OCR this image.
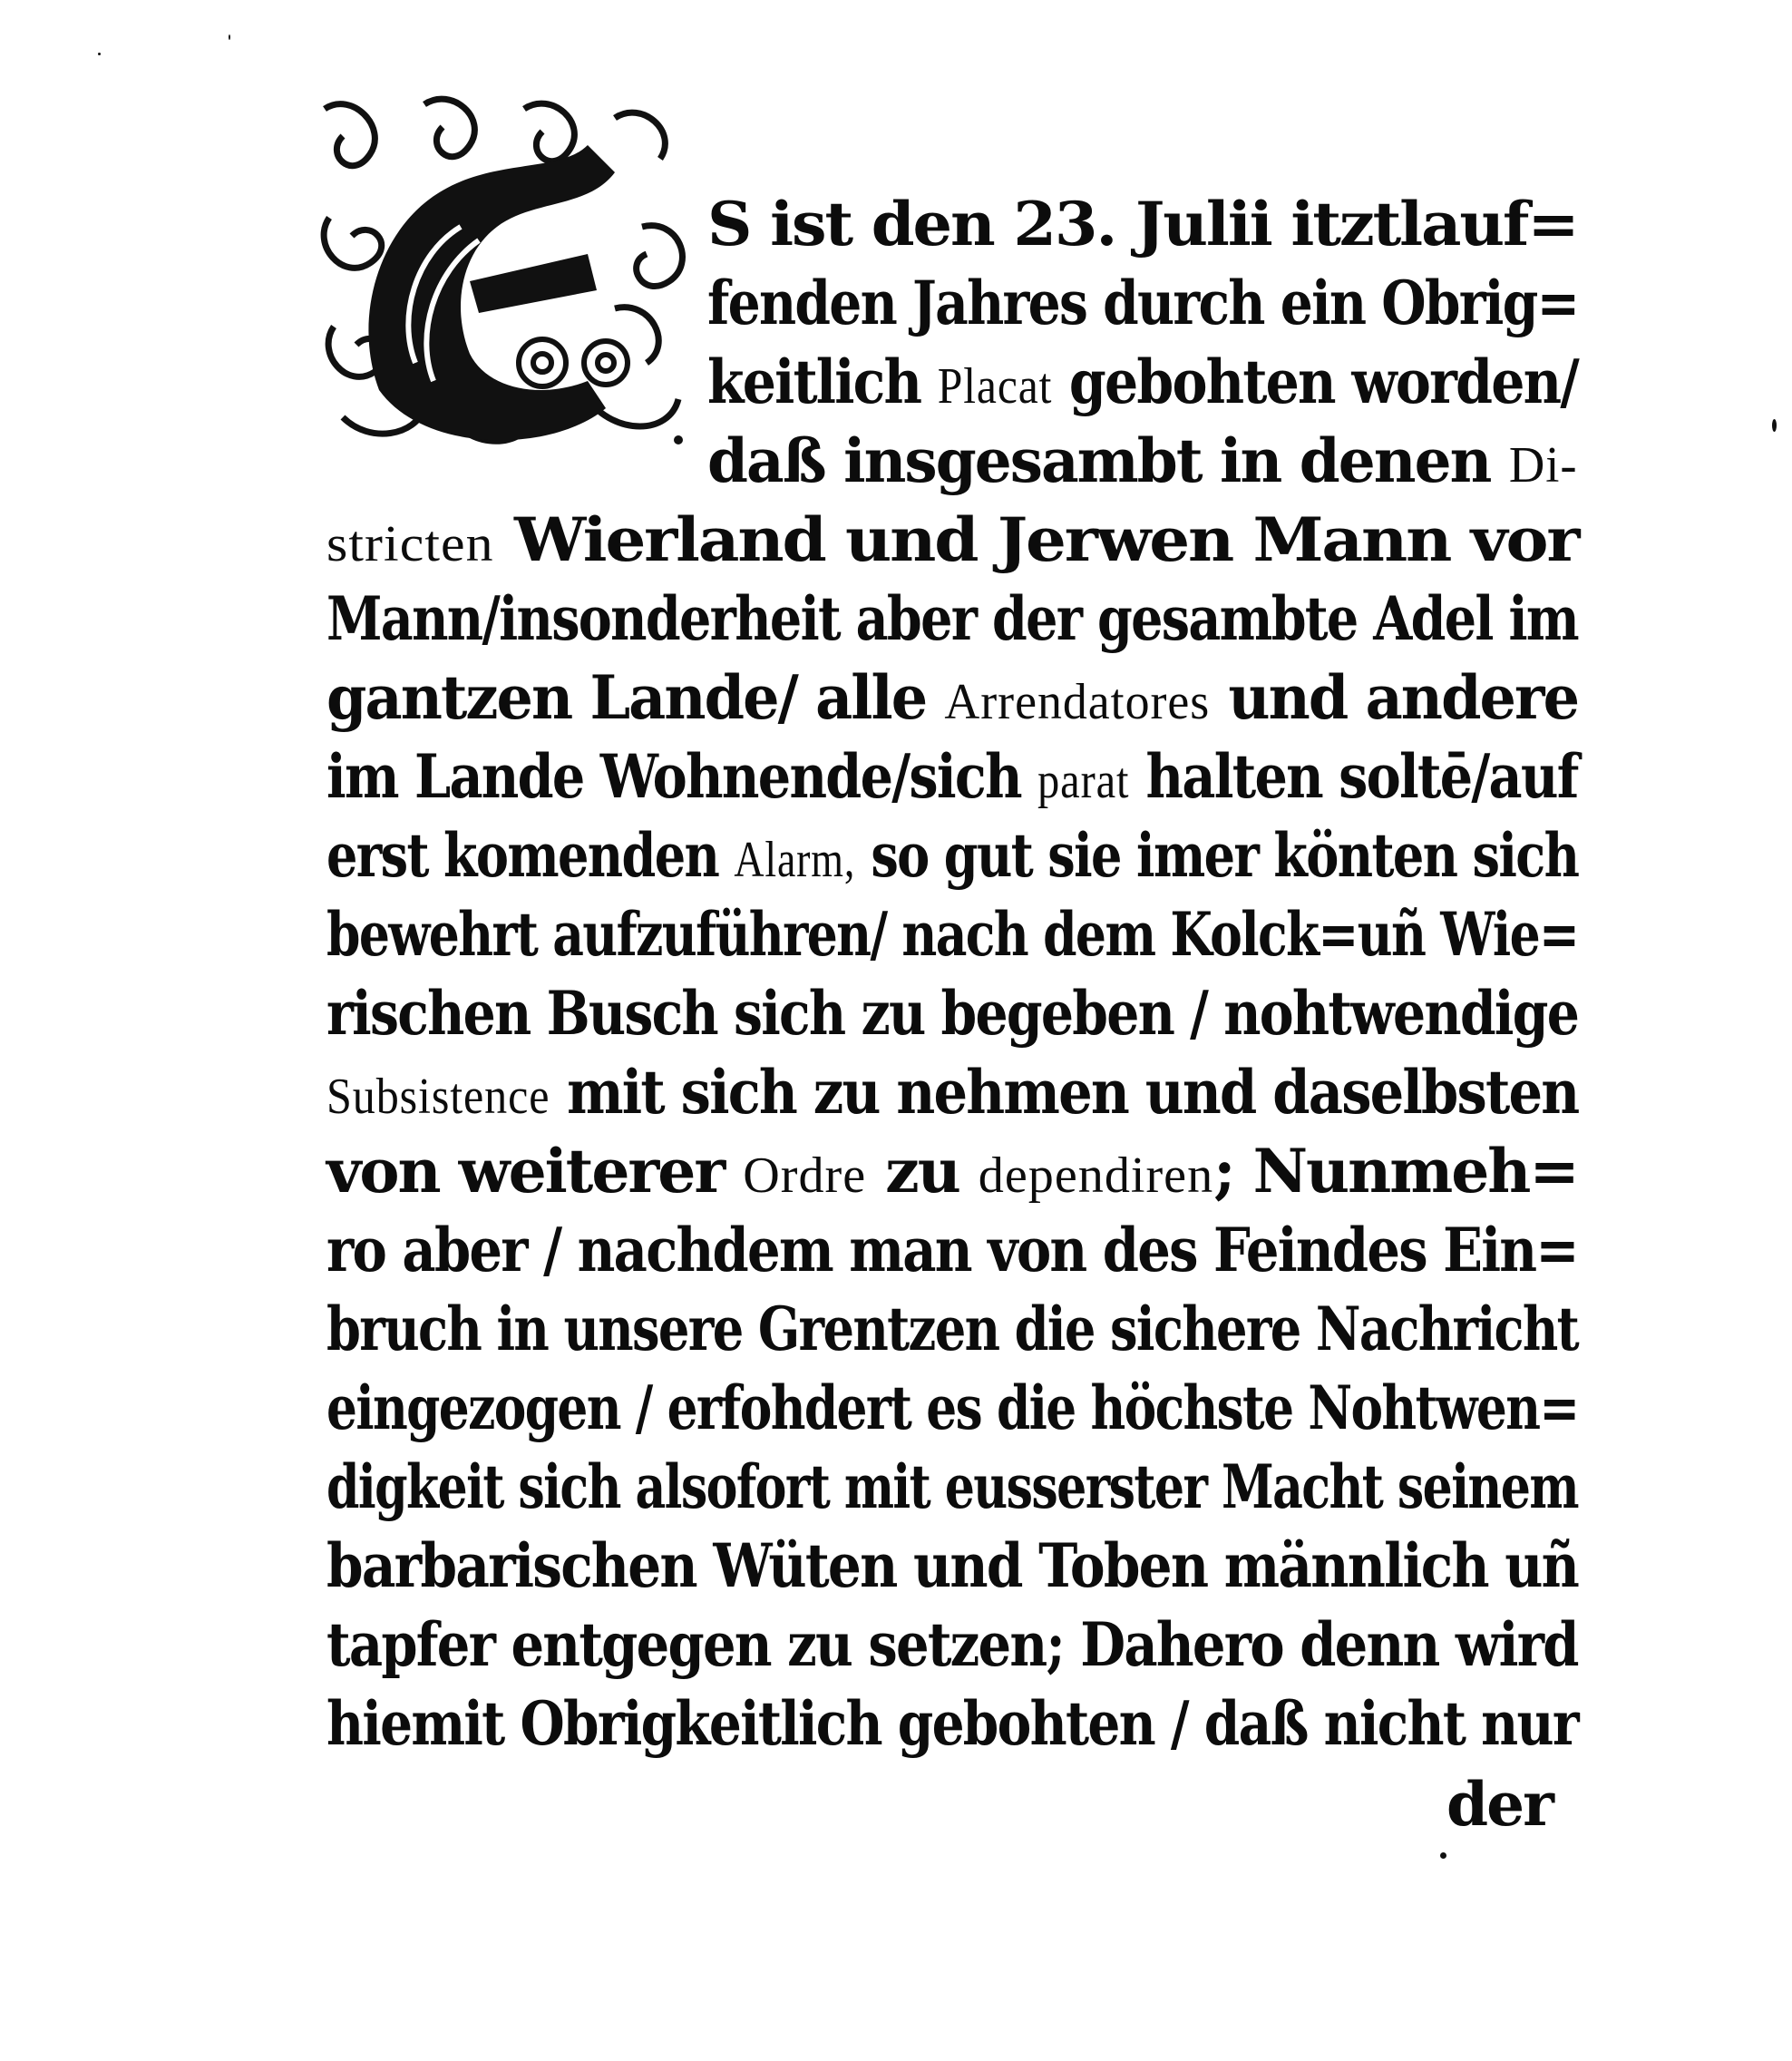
S ist den 23. Julii itztlauf=
fenden Jahres durch ein Obrig=
keitlich Placat gebohten worden/
daß insgesambt in denen Di-
stricten Wierland und Jerwen Mann vor
Mann/insonderheit aber der gesambte Adel im
gantzen Lande/ alle Arrendatores und andere
im Lande Wohnende/sich parat halten soltē/auf
erst komenden Alarm, so gut sie imer könten sich
bewehrt aufzuführen/ nach dem Kolck=uñ Wie=
rischen Busch sich zu begeben / nohtwendige
Subsistence mit sich zu nehmen und daselbsten
von weiterer Ordre zu dependiren; Nunmeh=
ro aber / nachdem man von des Feindes Ein=
bruch in unsere Grentzen die sichere Nachricht
eingezogen / erfohdert es die höchste Nohtwen=
digkeit sich alsofort mit eusserster Macht seinem
barbarischen Wüten und Toben männlich uñ
tapfer entgegen zu setzen; Dahero denn wird
hiemit Obrigkeitlich gebohten / daß nicht nur
der
